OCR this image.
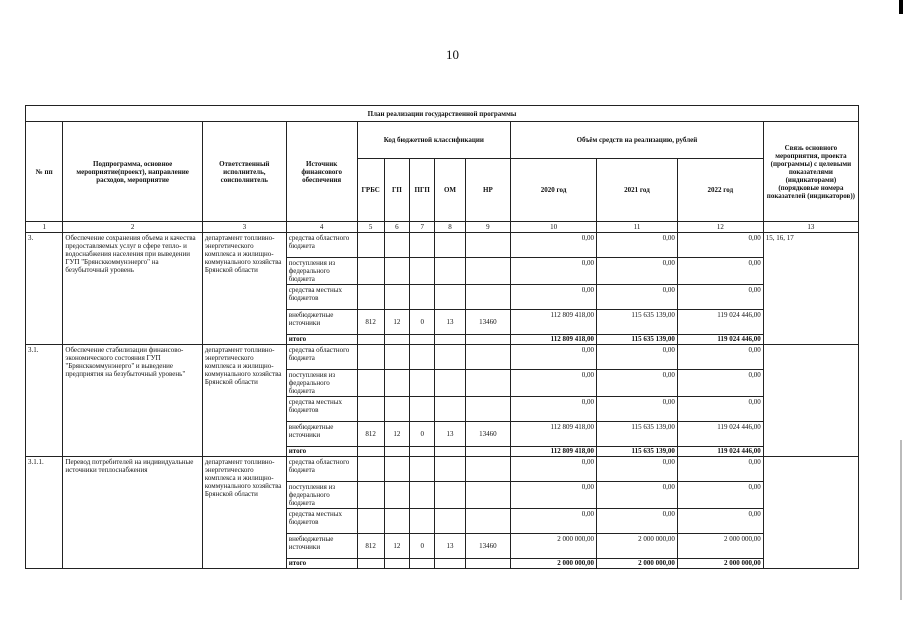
10
План реализации государственной программы												
№ пп	Подпрограмма, основное мероприятие(проект), направление расходов, мероприятие	Ответственный исполнитель, соисполнитель	Источник финансового обеспечения	Код бюджетной классификации					Объём средств на реализацию, рублей			Связь основного мероприятия, проекта (программы) с целевыми показателями (индикаторами) (порядковые номера показателей (индикаторов))
				ГРБС	ГП	ПГП	ОМ	НР	2020 год	2021 год	2022 год	
1	2	3	4	5	6	7	8	9	10	11	12	13
3.	Обеспечение сохранения объема и качества предоставляемых услуг в сфере тепло- и водоснабжения населения при выведении ГУП "Брянсккоммунэнерго" на безубыточный уровень	департамент топливно-энергетического комплекса и жилищно-коммунального хозяйства Брянской области	средства областного бюджета						0,00	0,00	0,00	15, 16, 17
			поступления из федерального бюджета						0,00	0,00	0,00	
			средства местных бюджетов						0,00	0,00	0,00	
			внебюджетные источники	812	12	0	13	13460	112 809 418,00	115 635 139,00	119 024 446,00	
			итого						112 809 418,00	115 635 139,00	119 024 446,00	
3.1.	Обеспечение стабилизации финансово-экономического состояния ГУП "Брянсккоммунэнерго" и выведение предприятия на безубыточный уровень"	департамент топливно-энергетического комплекса и жилищно-коммунального хозяйства Брянской области	средства областного бюджета						0,00	0,00	0,00	
			поступления из федерального бюджета						0,00	0,00	0,00	
			средства местных бюджетов						0,00	0,00	0,00	
			внебюджетные источники	812	12	0	13	13460	112 809 418,00	115 635 139,00	119 024 446,00	
			итого						112 809 418,00	115 635 139,00	119 024 446,00	
3.1.1.	Перевод потребителей на индивидуальные источники теплоснабжения	департамент топливно-энергетического комплекса и жилищно-коммунального хозяйства Брянской области	средства областного бюджета						0,00	0,00	0,00	
			поступления из федерального бюджета						0,00	0,00	0,00	
			средства местных бюджетов						0,00	0,00	0,00	
			внебюджетные источники	812	12	0	13	13460	2 000 000,00	2 000 000,00	2 000 000,00	
			итого						2 000 000,00	2 000 000,00	2 000 000,00	
